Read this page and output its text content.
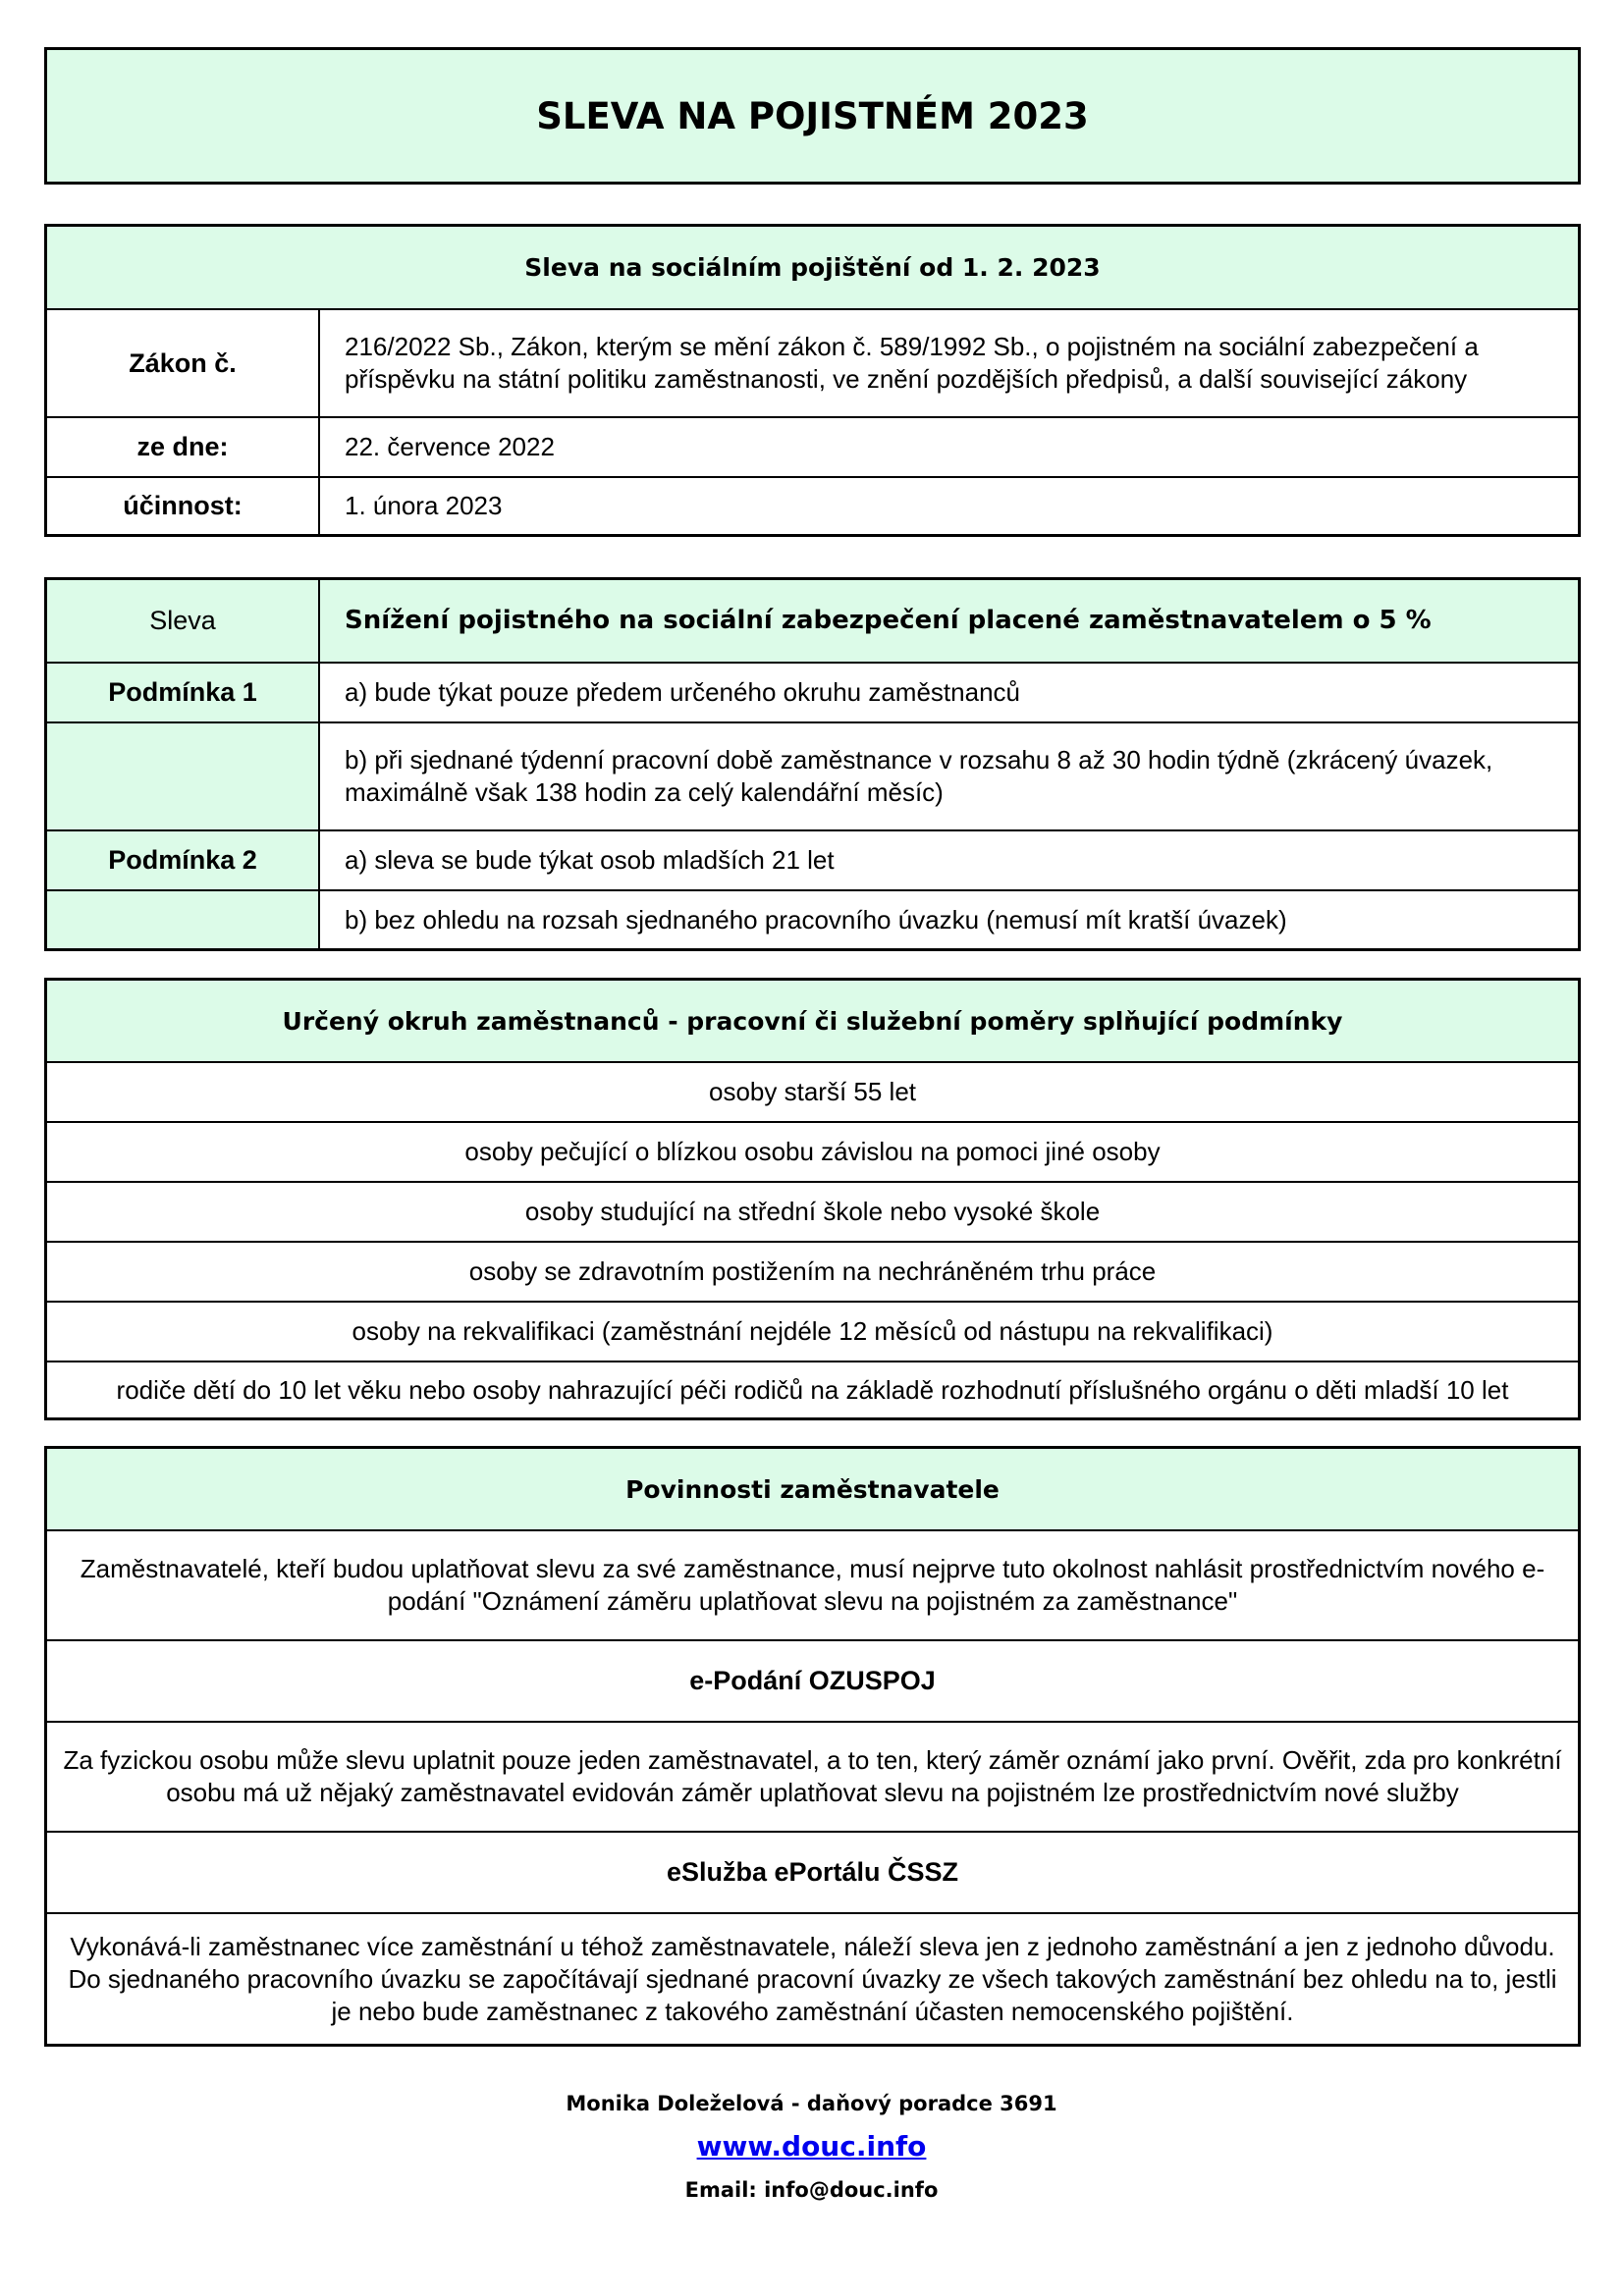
SLEVA NA POJISTNÉM 2023
Sleva na sociálním pojištění od 1. 2. 2023	
Zákon č.	216/2022 Sb., Zákon, kterým se mění zákon č. 589/1992 Sb., o pojistném na sociální zabezpečení a příspěvku na státní politiku zaměstnanosti, ve znění pozdějších předpisů, a další související zákony
ze dne:	22. července 2022
účinnost:	1. února 2023
Sleva	Snížení pojistného na sociální zabezpečení placené zaměstnavatelem o 5 %
Podmínka 1	a) bude týkat pouze předem určeného okruhu zaměstnanců
	b) při sjednané týdenní pracovní době zaměstnance v rozsahu 8 až 30 hodin týdně (zkrácený úvazek, maximálně však 138 hodin za celý kalendářní měsíc)
Podmínka 2	a) sleva se bude týkat osob mladších 21 let
	b) bez ohledu na rozsah sjednaného pracovního úvazku (nemusí mít kratší úvazek)
Určený okruh zaměstnanců - pracovní či služební poměry splňující podmínky
osoby starší 55 let
osoby pečující o blízkou osobu závislou na pomoci jiné osoby
osoby studující na střední škole nebo vysoké škole
osoby se zdravotním postižením na nechráněném trhu práce
osoby na rekvalifikaci (zaměstnání nejdéle 12 měsíců od nástupu na rekvalifikaci)
rodiče dětí do 10 let věku nebo osoby nahrazující péči rodičů na základě rozhodnutí příslušného orgánu o děti mladší 10 let
Povinnosti zaměstnavatele
Zaměstnavatelé, kteří budou uplatňovat slevu za své zaměstnance, musí nejprve tuto okolnost nahlásit prostřednictvím nového e-podání "Oznámení záměru uplatňovat slevu na pojistném za zaměstnance"
e-Podání OZUSPOJ
Za fyzickou osobu může slevu uplatnit pouze jeden zaměstnavatel, a to ten, který záměr oznámí jako první. Ověřit, zda pro konkrétní osobu má už nějaký zaměstnavatel evidován záměr uplatňovat slevu na pojistném lze prostřednictvím nové služby
eSlužba ePortálu ČSSZ
Vykonává-li zaměstnanec více zaměstnání u téhož zaměstnavatele, náleží sleva jen z jednoho zaměstnání a jen z jednoho důvodu. Do sjednaného pracovního úvazku se započítávají sjednané pracovní úvazky ze všech takových zaměstnání bez ohledu na to, jestli je nebo bude zaměstnanec z takového zaměstnání účasten nemocenského pojištění.
Monika Doleželová - daňový poradce 3691
www.douc.info
Email: info@douc.info
